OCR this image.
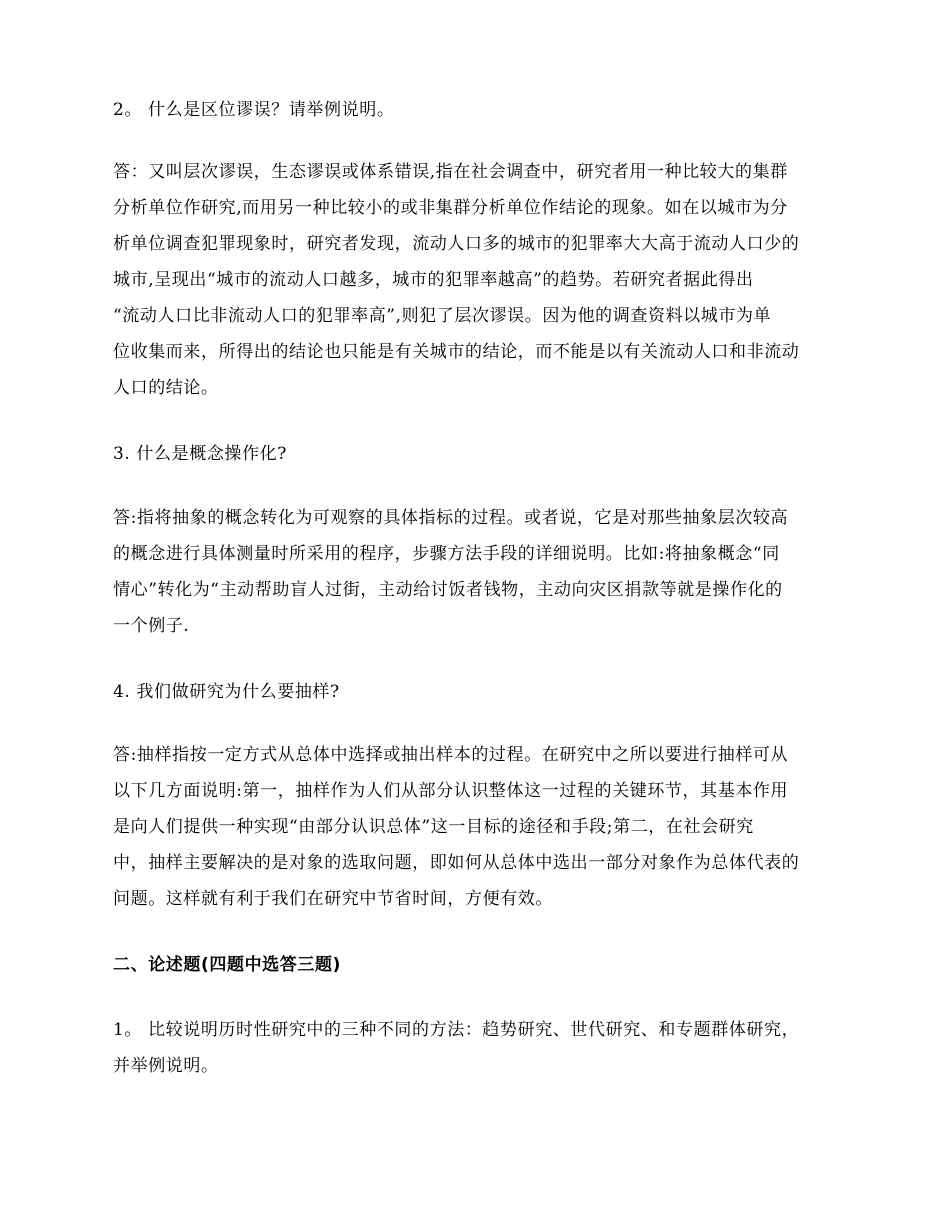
2。 什么是区位谬误？请举例说明。
答：又叫层次谬误，生态谬误或体系错误,指在社会调查中，研究者用一种比较大的集群
分析单位作研究,而用另一种比较小的或非集群分析单位作结论的现象。如在以城市为分
析单位调查犯罪现象时，研究者发现，流动人口多的城市的犯罪率大大高于流动人口少的
城市,呈现出“城市的流动人口越多，城市的犯罪率越高”的趋势。若研究者据此得出
“流动人口比非流动人口的犯罪率高”,则犯了层次谬误。因为他的调查资料以城市为单
位收集而来，所得出的结论也只能是有关城市的结论，而不能是以有关流动人口和非流动
人口的结论。
3. 什么是概念操作化?
答:指将抽象的概念转化为可观察的具体指标的过程。或者说，它是对那些抽象层次较高
的概念进行具体测量时所采用的程序，步骤方法手段的详细说明。比如:将抽象概念“同
情心”转化为“主动帮助盲人过街，主动给讨饭者钱物，主动向灾区捐款等就是操作化的
一个例子.
4. 我们做研究为什么要抽样?
答:抽样指按一定方式从总体中选择或抽出样本的过程。在研究中之所以要进行抽样可从
以下几方面说明:第一，抽样作为人们从部分认识整体这一过程的关键环节，其基本作用
是向人们提供一种实现“由部分认识总体”这一目标的途径和手段;第二，在社会研究
中，抽样主要解决的是对象的选取问题，即如何从总体中选出一部分对象作为总体代表的
问题。这样就有利于我们在研究中节省时间，方便有效。
二、论述题(四题中选答三题)
1。 比较说明历时性研究中的三种不同的方法：趋势研究、世代研究、和专题群体研究，
并举例说明。
